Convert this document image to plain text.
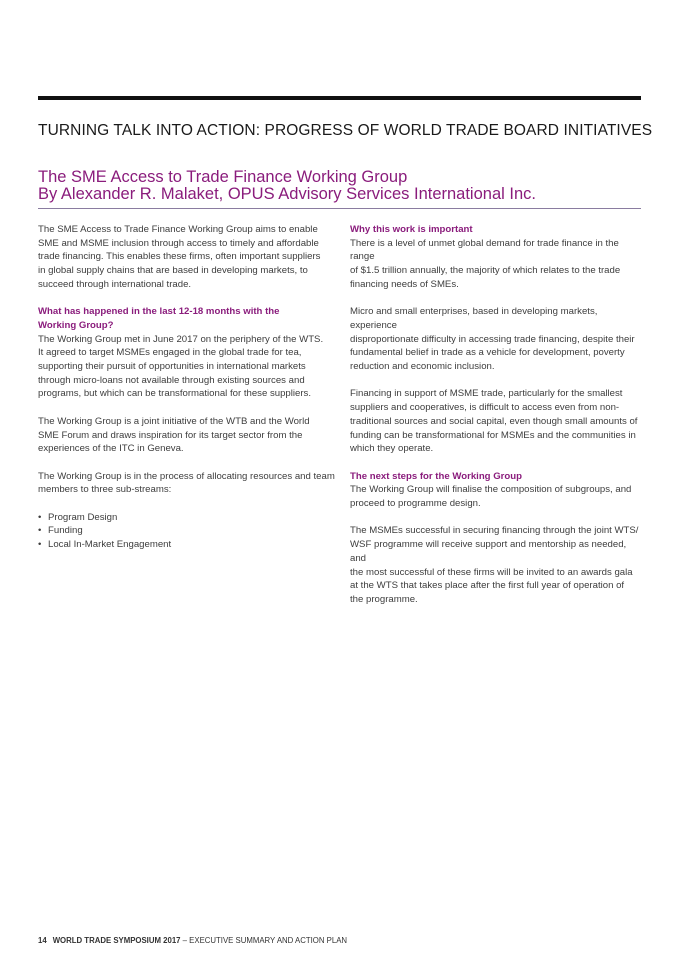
TURNING TALK INTO ACTION: PROGRESS OF WORLD TRADE BOARD INITIATIVES
The SME Access to Trade Finance Working Group
By Alexander R. Malaket, OPUS Advisory Services International Inc.

The SME Access to Trade Finance Working Group aims to enable
SME and MSME inclusion through access to timely and affordable
trade financing. This enables these firms, often important suppliers
in global supply chains that are based in developing markets, to
succeed through international trade.

What has happened in the last 12-18 months with the
Working Group?

The Working Group met in June 2017 on the periphery of the WTS.
It agreed to target MSMEs engaged in the global trade for tea,
supporting their pursuit of opportunities in international markets
through micro-loans not available through existing sources and
programs, but which can be transformational for these suppliers.

The Working Group is a joint initiative of the WTB and the World
SME Forum and draws inspiration for its target sector from the
experiences of the ITC in Geneva.

The Working Group is in the process of allocating resources and team
members to three sub-streams:

• Program Design
• Funding
• Local In-Market Engagement
Why this work is important

There is a level of unmet global demand for trade finance in the range
of $1.5 trillion annually, the majority of which relates to the trade
financing needs of SMEs.

Micro and small enterprises, based in developing markets, experience
disproportionate difficulty in accessing trade financing, despite their
fundamental belief in trade as a vehicle for development, poverty
reduction and economic inclusion.

Financing in support of MSME trade, particularly for the smallest
suppliers and cooperatives, is difficult to access even from non-
traditional sources and social capital, even though small amounts of
funding can be transformational for MSMEs and the communities in
which they operate.

The next steps for the Working Group

The Working Group will finalise the composition of subgroups, and
proceed to programme design.

The MSMEs successful in securing financing through the joint WTS/
WSF programme will receive support and mentorship as needed, and
the most successful of these firms will be invited to an awards gala
at the WTS that takes place after the first full year of operation of
the programme.

14 WORLD TRADE SYMPOSIUM 2017 – EXECUTIVE SUMMARY AND ACTION PLAN
